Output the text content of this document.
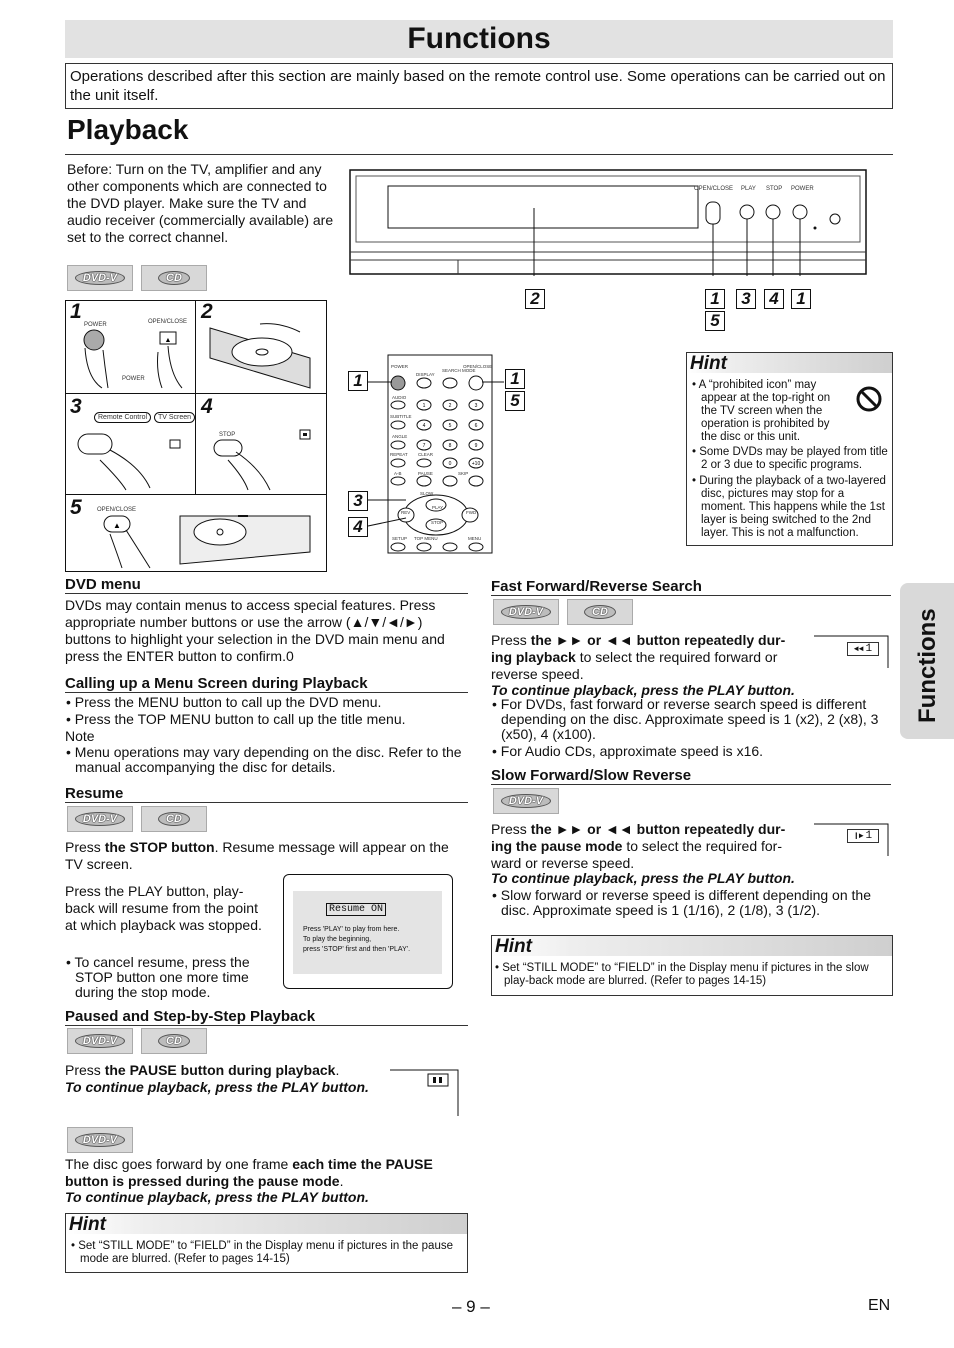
Functions
Operations described after this section are mainly based on the remote control use. Some operations can be carried out on the unit itself.
Playback
Before: Turn on the TV, amplifier and any other components which are connected to the DVD player. Make sure the TV and audio receiver (commercially available) are set to the correct channel.
DVD-V	CD
OPEN/CLOSE PLAY STOP POWER
2	1	3	4	1
5
1	2
3	4
5
POWER	OPEN/CLOSE
▲
POWER
Remote Control	TV Screen
STOP
OPEN/CLOSE
▲
1	2	3
4	5	6
7	8	9
0	+10
POWER
DISPLAY
SEARCH MODE
OPEN/CLOSE
AUDIO
SUBTITLE
ANGLE
REPEAT CLEAR
A-B	PAUSE	SKIP
SLOW
REV
PLAY
FWD
STOP
SETUP TOP MENU	MENU
1	1
5
3
4
Hint
• A “prohibited icon” may appear at the top-right on the TV screen when the operation is prohibited by the disc or this unit.
• Some DVDs may be played from title 2 or 3 due to specific programs.
• During the playback of a two-layered disc, pictures may stop for a moment. This happens while the 1st layer is being switched to the 2nd layer. This is not a malfunction.
DVD menu
DVDs may contain menus to access special features. Press appropriate number buttons or use the arrow (▲/▼/◄/►) buttons to highlight your selection in the DVD main menu and press the ENTER button to confirm.0
Calling up a Menu Screen during Playback
• Press the MENU button to call up the DVD menu.
• Press the TOP MENU button to call up the title menu.
Note
• Menu operations may vary depending on the disc. Refer to the manual accompanying the disc for details.
Resume
DVD-V	CD
Press the STOP button. Resume message will appear on the TV screen.
Press the PLAY button, play-back will resume from the point at which playback was stopped.
• To cancel resume, press the STOP button one more time during the stop mode.
Resume ON
Press 'PLAY' to play from here.
To play the beginning,
press 'STOP' first and then 'PLAY'.
Paused and Step-by-Step Playback
DVD-V	CD
Press the PAUSE button during playback.
To continue playback, press the PLAY button.
DVD-V
The disc goes forward by one frame each time the PAUSE button is pressed during the pause mode.
To continue playback, press the PLAY button.
Hint
• Set “STILL MODE” to “FIELD” in the Display menu if pictures in the pause mode are blurred. (Refer to pages 14-15)
Fast Forward/Reverse Search
DVD-V	CD
Press the ►► or ◄◄ button repeatedly dur-ing playback to select the required forward or reverse speed.
◄◄ 1
To continue playback, press the PLAY button.
• For DVDs, fast forward or reverse search speed is different depending on the disc. Approximate speed is 1 (x2), 2 (x8), 3 (x50), 4 (x100).
• For Audio CDs, approximate speed is x16.
Slow Forward/Slow Reverse
DVD-V
Press the ►► or ◄◄ button repeatedly dur-ing the pause mode to select the required for-ward or reverse speed.
❙► 1
To continue playback, press the PLAY button.
• Slow forward or reverse speed is different depending on the disc. Approximate speed is 1 (1/16), 2 (1/8), 3 (1/2).
Hint
• Set “STILL MODE” to “FIELD” in the Display menu if pictures in the slow play-back mode are blurred. (Refer to pages 14-15)
Functions
– 9 –	EN
